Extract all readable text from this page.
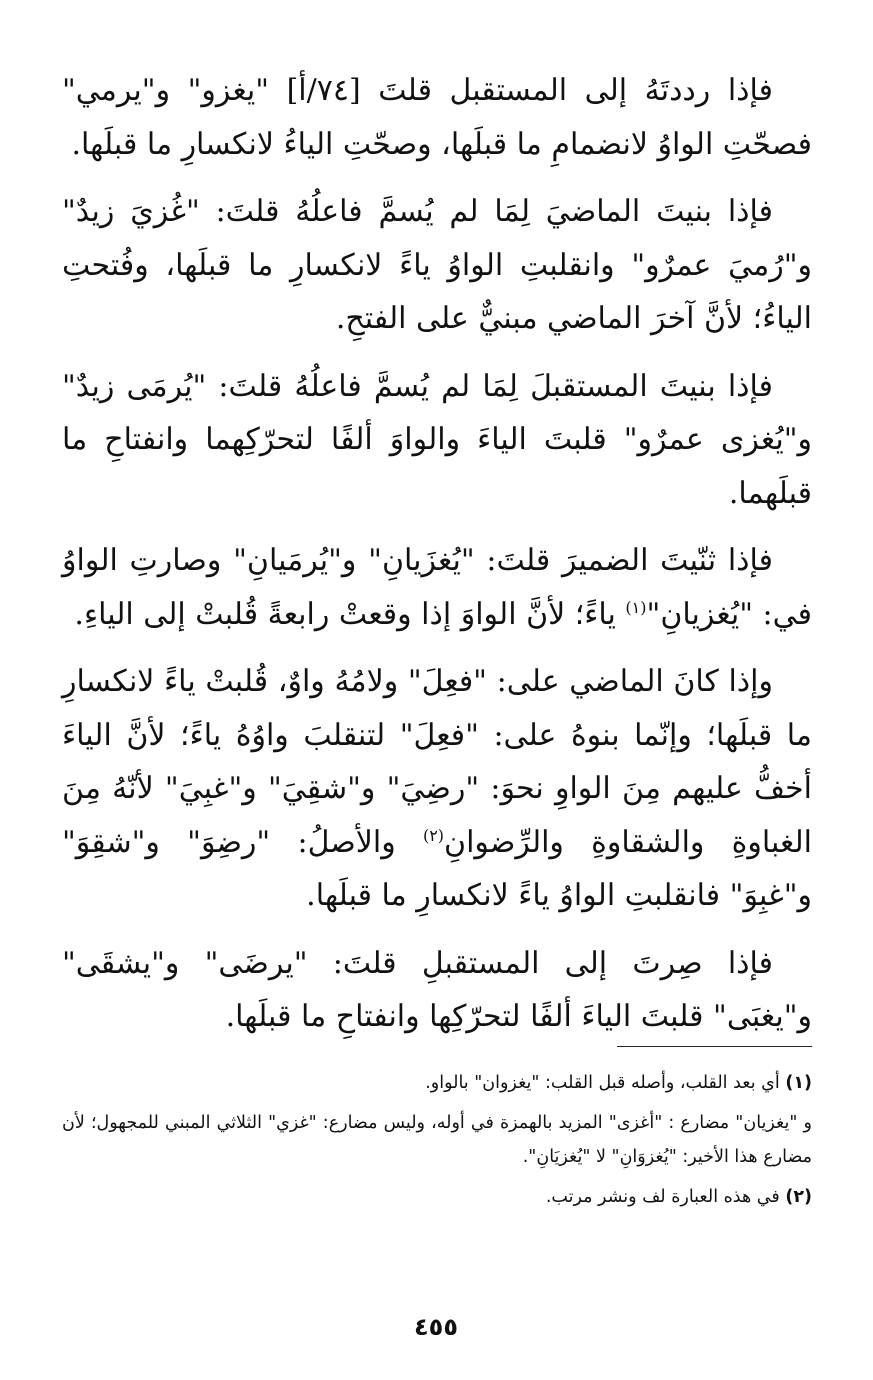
فإذا رددتَهُ إلى المستقبل قلتَ [٧٤/أ] "يغزو" و"يرمي" فصحّتِ الواوُ لانضمامِ ما قبلَها، وصحّتِ الياءُ لانكسارِ ما قبلَها.

فإذا بنيتَ الماضيَ لِمَا لم يُسمَّ فاعلُهُ قلتَ: "غُزيَ زيدٌ" و"رُميَ عمرٌو" وانقلبتِ الواوُ ياءً لانكسارِ ما قبلَها، وفُتحتِ الياءُ؛ لأنَّ آخرَ الماضي مبنيٌّ على الفتحِ.

فإذا بنيتَ المستقبلَ لِمَا لم يُسمَّ فاعلُهُ قلتَ: "يُرمَى زيدٌ" و"يُغزى عمرٌو" قلبتَ الياءَ والواوَ ألفًا لتحرّكِهما وانفتاحِ ما قبلَهما.

فإذا ثنّيتَ الضميرَ قلتَ: "يُغزَيانِ" و"يُرمَيانِ" وصارتِ الواوُ في: "يُغزيانِ"$^{(١)}$ ياءً؛ لأنَّ الواوَ إذا وقعتْ رابعةً قُلبتْ إلى الياءِ.

وإذا كانَ الماضي على: "فعِلَ" ولامُهُ واوٌ، قُلبتْ ياءً لانكسارِ ما قبلَها؛ وإنّما بنوهُ على: "فعِلَ" لتنقلبَ واوُهُ ياءً؛ لأنَّ الياءَ أخفُّ عليهم مِنَ الواوِ نحوَ: "رضِيَ" و"شقِيَ" و"غبِيَ" لأنّهُ مِنَ الغباوةِ والشقاوةِ والرِّضوانِ$^{(٢)}$ والأصلُ: "رضِوَ" و"شقِوَ" و"غبِوَ" فانقلبتِ الواوُ ياءً لانكسارِ ما قبلَها.

فإذا صِرتَ إلى المستقبلِ قلتَ: "يرضَى" و"يشقَى" و"يغبَى" قلبتَ الياءَ ألفًا لتحرّكِها وانفتاحِ ما قبلَها.

(١) أي بعد القلب، وأصله قبل القلب: "يغزوان" بالواو.

و "يغزيان" مضارع : "أغزى" المزيد بالهمزة في أوله، وليس مضارع: "غزي" الثلاثي المبني للمجهول؛ لأن مضارع هذا الأخير: "يُغزوَانِ" لا "يُغزيَانِ".

(٢) في هذه العبارة لف ونشر مرتب.

٤٥٥
